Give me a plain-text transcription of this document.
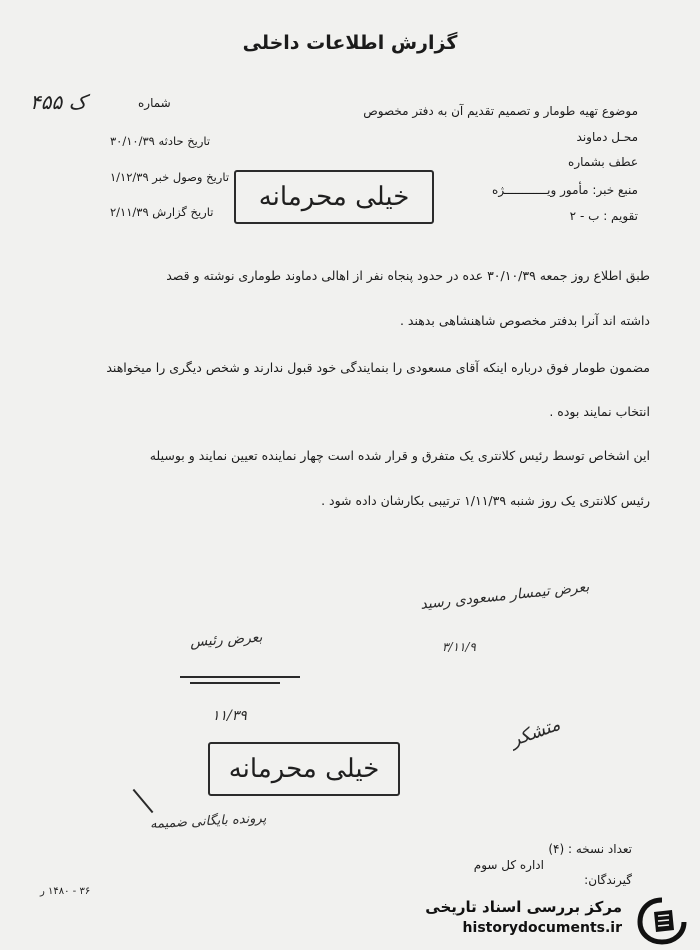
گزارش اطلاعات داخلی
۴۵۵ ک	شماره
موضوع تهیه طومار و تصمیم تقدیم آن به دفتر مخصوص
محـل دماوند
عطف بشماره
منبع خبر: مأمور ویــــــــــــژه
تقویم : ب - ۲
تاریخ حادثه ۳۰/۱۰/۳۹
تاریخ وصول خبر ۱/۱۲/۳۹
تاریخ گزارش ۲/۱۱/۳۹	خیلی محرمانه
طبق اطلاع روز جمعه ۳۰/۱۰/۳۹ عده در حدود پنجاه نفر از اهالی دماوند طوماری نوشته و قصد
داشته اند آنرا بدفتر مخصوص شاهنشاهی بدهند .
مضمون طومار فوق درباره اینکه آقای مسعودی را بنمایندگی خود قبول ندارند و شخص دیگری را میخواهند
انتخاب نمایند بوده .
این اشخاص توسط رئیس کلانتری یک متفرق و قرار شده است چهار نماینده تعیین نمایند و بوسیله
رئیس کلانتری یک روز شنبه ۱/۱۱/۳۹ ترتیبی بکارشان داده شود .
بعرض تیمسار مسعودی رسید
۳/۱۱/۹
بعرض رئیس
۱۱/۳۹	متشکر
خیلی محرمانه
پرونده بایگانی ضمیمه
تعداد نسخه : (۴)
گیرندگان:
اداره کل سوم
۳۶ - ۱۴۸۰ ر
مرکز بررسی اسناد تاریخی
historydocuments.ir
